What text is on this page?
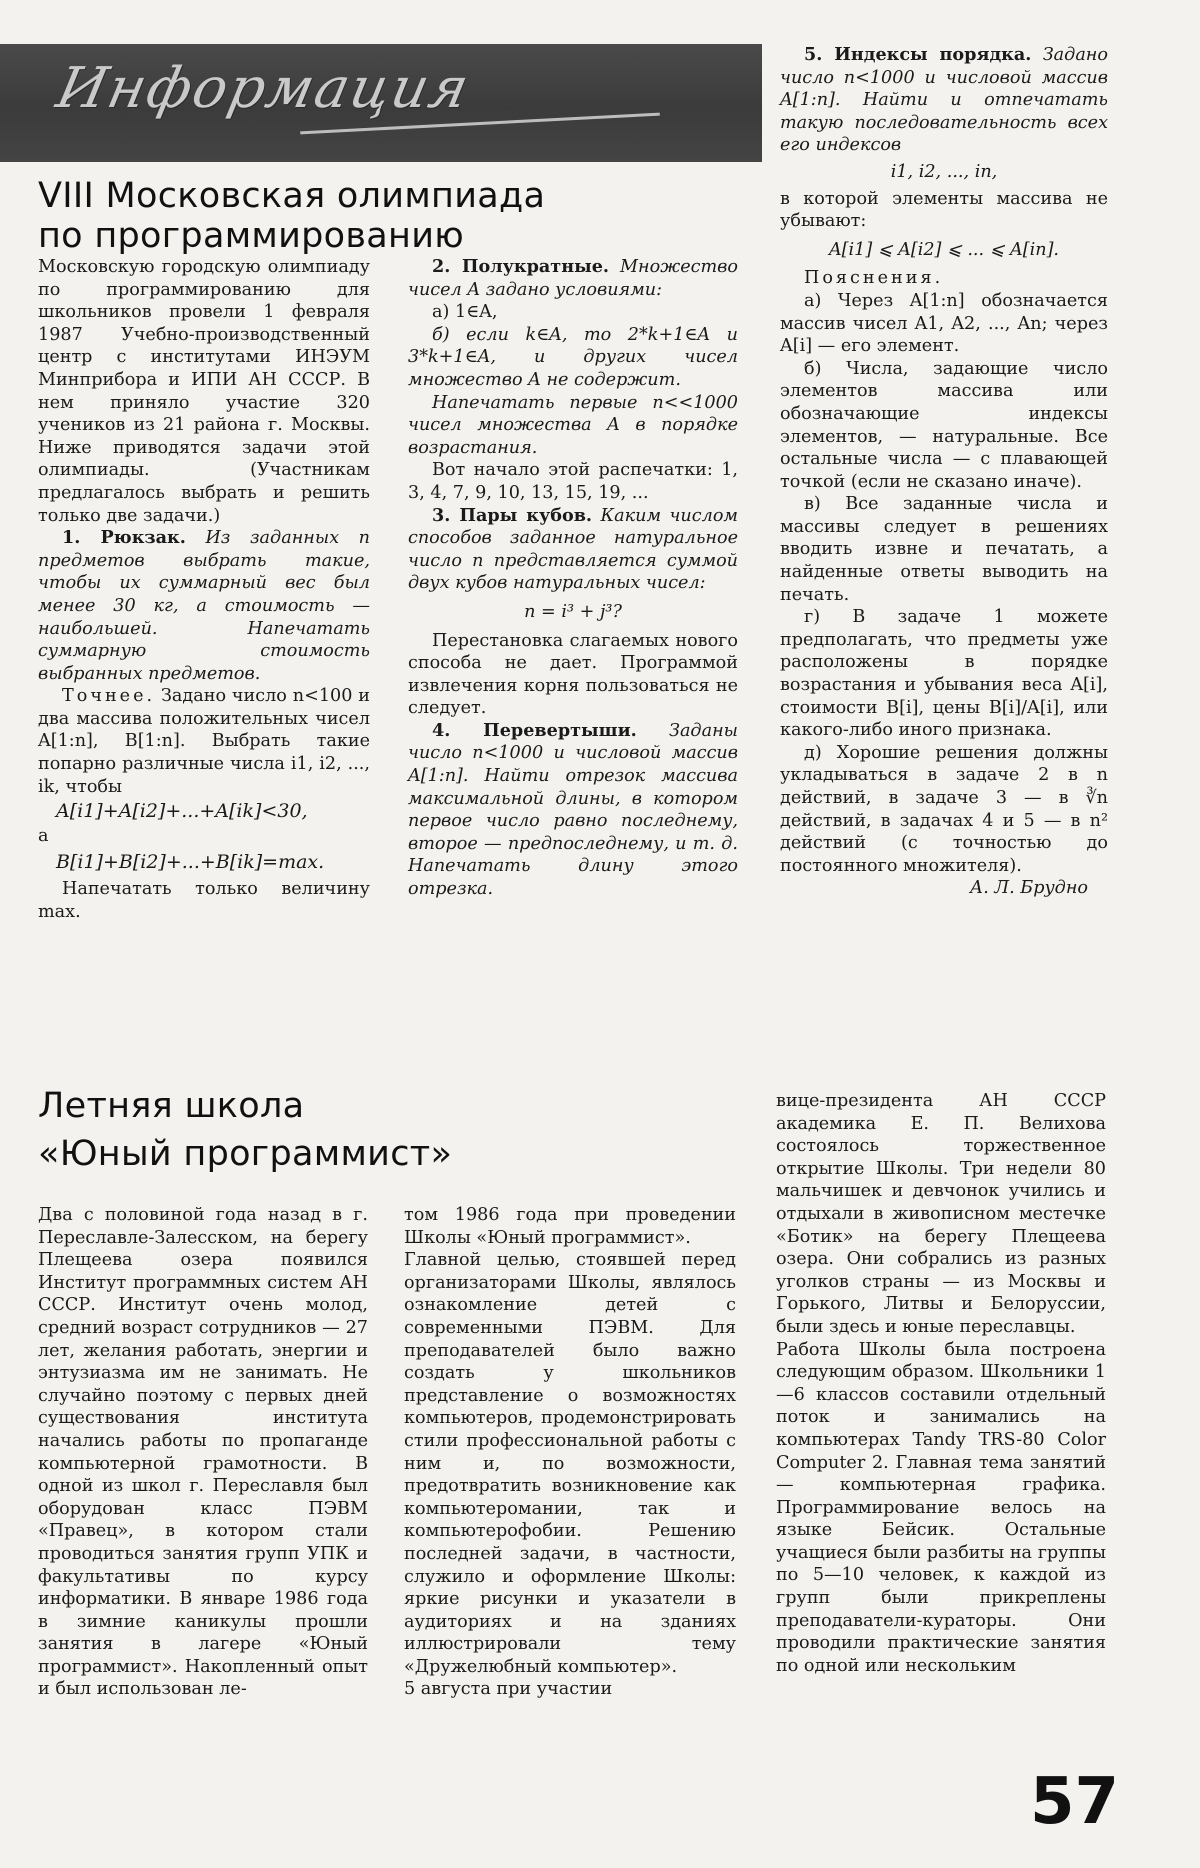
Информация
VIII Московская олимпиада
по программированию

Московскую городскую олимпиаду по программированию для школьников провели 1 февраля 1987 Учебно-производственный центр с институтами ИНЭУМ Минприбора и ИПИ АН СССР. В нем приняло участие 320 учеников из 21 района г. Москвы. Ниже приводятся задачи этой олимпиады. (Участникам предлагалось выбрать и решить только две задачи.)

1. Рюкзак. Из заданных n предметов выбрать такие, чтобы их суммарный вес был менее 30 кг, а стоимость — наибольшей. Напечатать суммарную стоимость выбранных предметов.

Точнее. Задано число n<100 и два массива положительных чисел A[1:n], B[1:n]. Выбрать такие попарно различные числа i1, i2, ..., ik, чтобы

A[i1]+A[i2]+...+A[ik]<30,

а

B[i1]+B[i2]+...+B[ik]=max.

Напечатать только величину max.

2. Полукратные. Множество чисел A задано условиями:

а) 1∈A,

б) если k∈A, то 2*k+1∈A и 3*k+1∈A, и других чисел множество A не содержит.

Напечатать первые n<<1000 чисел множества A в порядке возрастания.

Вот начало этой распечатки: 1, 3, 4, 7, 9, 10, 13, 15, 19, ...

3. Пары кубов. Каким числом способов заданное натуральное число n представляется суммой двух кубов натуральных чисел:

n = i³ + j³?

Перестановка слагаемых нового способа не дает. Программой извлечения корня пользоваться не следует.

4. Перевертыши. Заданы число n<1000 и числовой массив A[1:n]. Найти отрезок массива максимальной длины, в котором первое число равно последнему, второе — предпоследнему, и т. д. Напечатать длину этого отрезка.

5. Индексы порядка. Задано число n<1000 и числовой массив A[1:n]. Найти и отпечатать такую последовательность всех его индексов

i1, i2, ..., in,

в которой элементы массива не убывают:

A[i1] ⩽ A[i2] ⩽ ... ⩽ A[in].

Пояснения.

а) Через A[1:n] обозначается массив чисел A1, A2, ..., An; через A[i] — его элемент.

б) Числа, задающие число элементов массива или обозначающие индексы элементов, — натуральные. Все остальные числа — с плавающей точкой (если не сказано иначе).

в) Все заданные числа и массивы следует в решениях вводить извне и печатать, а найденные ответы выводить на печать.

г) В задаче 1 можете предполагать, что предметы уже расположены в порядке возрастания и убывания веса A[i], стоимости B[i], цены B[i]/A[i], или какого-либо иного признака.

д) Хорошие решения должны укладываться в задаче 2 в n действий, в задаче 3 — в ∛n действий, в задачах 4 и 5 — в n² действий (с точностью до постоянного множителя).

А. Л. Брудно

Летняя школа
«Юный программист»

Два с половиной года назад в г. Переславле-Залесском, на берегу Плещеева озера появился Институт программных систем АН СССР. Институт очень молод, средний возраст сотрудников — 27 лет, желания работать, энергии и энтузиазма им не занимать. Не случайно поэтому с первых дней существования института начались работы по пропаганде компьютерной грамотности. В одной из школ г. Переславля был оборудован класс ПЭВМ «Правец», в котором стали проводиться занятия групп УПК и факультативы по курсу информатики. В январе 1986 года в зимние каникулы прошли занятия в лагере «Юный программист». Накопленный опыт и был использован ле-

том 1986 года при проведении Школы «Юный программист».

Главной целью, стоявшей перед организаторами Школы, являлось ознакомление детей с современными ПЭВМ. Для преподавателей было важно создать у школьников представление о возможностях компьютеров, продемонстрировать стили профессиональной работы с ним и, по возможности, предотвратить возникновение как компьютеромании, так и компьютерофобии. Решению последней задачи, в частности, служило и оформление Школы: яркие рисунки и указатели в аудиториях и на зданиях иллюстрировали тему «Дружелюбный компьютер».

5 августа при участии

вице-президента АН СССР академика Е. П. Велихова состоялось торжественное открытие Школы. Три недели 80 мальчишек и девчонок учились и отдыхали в живописном местечке «Ботик» на берегу Плещеева озера. Они собрались из разных уголков страны — из Москвы и Горького, Литвы и Белоруссии, были здесь и юные переславцы.

Работа Школы была построена следующим образом. Школьники 1—6 классов составили отдельный поток и занимались на компьютерах Tandy TRS-80 Color Computer 2. Главная тема занятий — компьютерная графика. Программирование велось на языке Бейсик. Остальные учащиеся были разбиты на группы по 5—10 человек, к каждой из групп были прикреплены преподаватели-кураторы. Они проводили практические занятия по одной или нескольким

57
